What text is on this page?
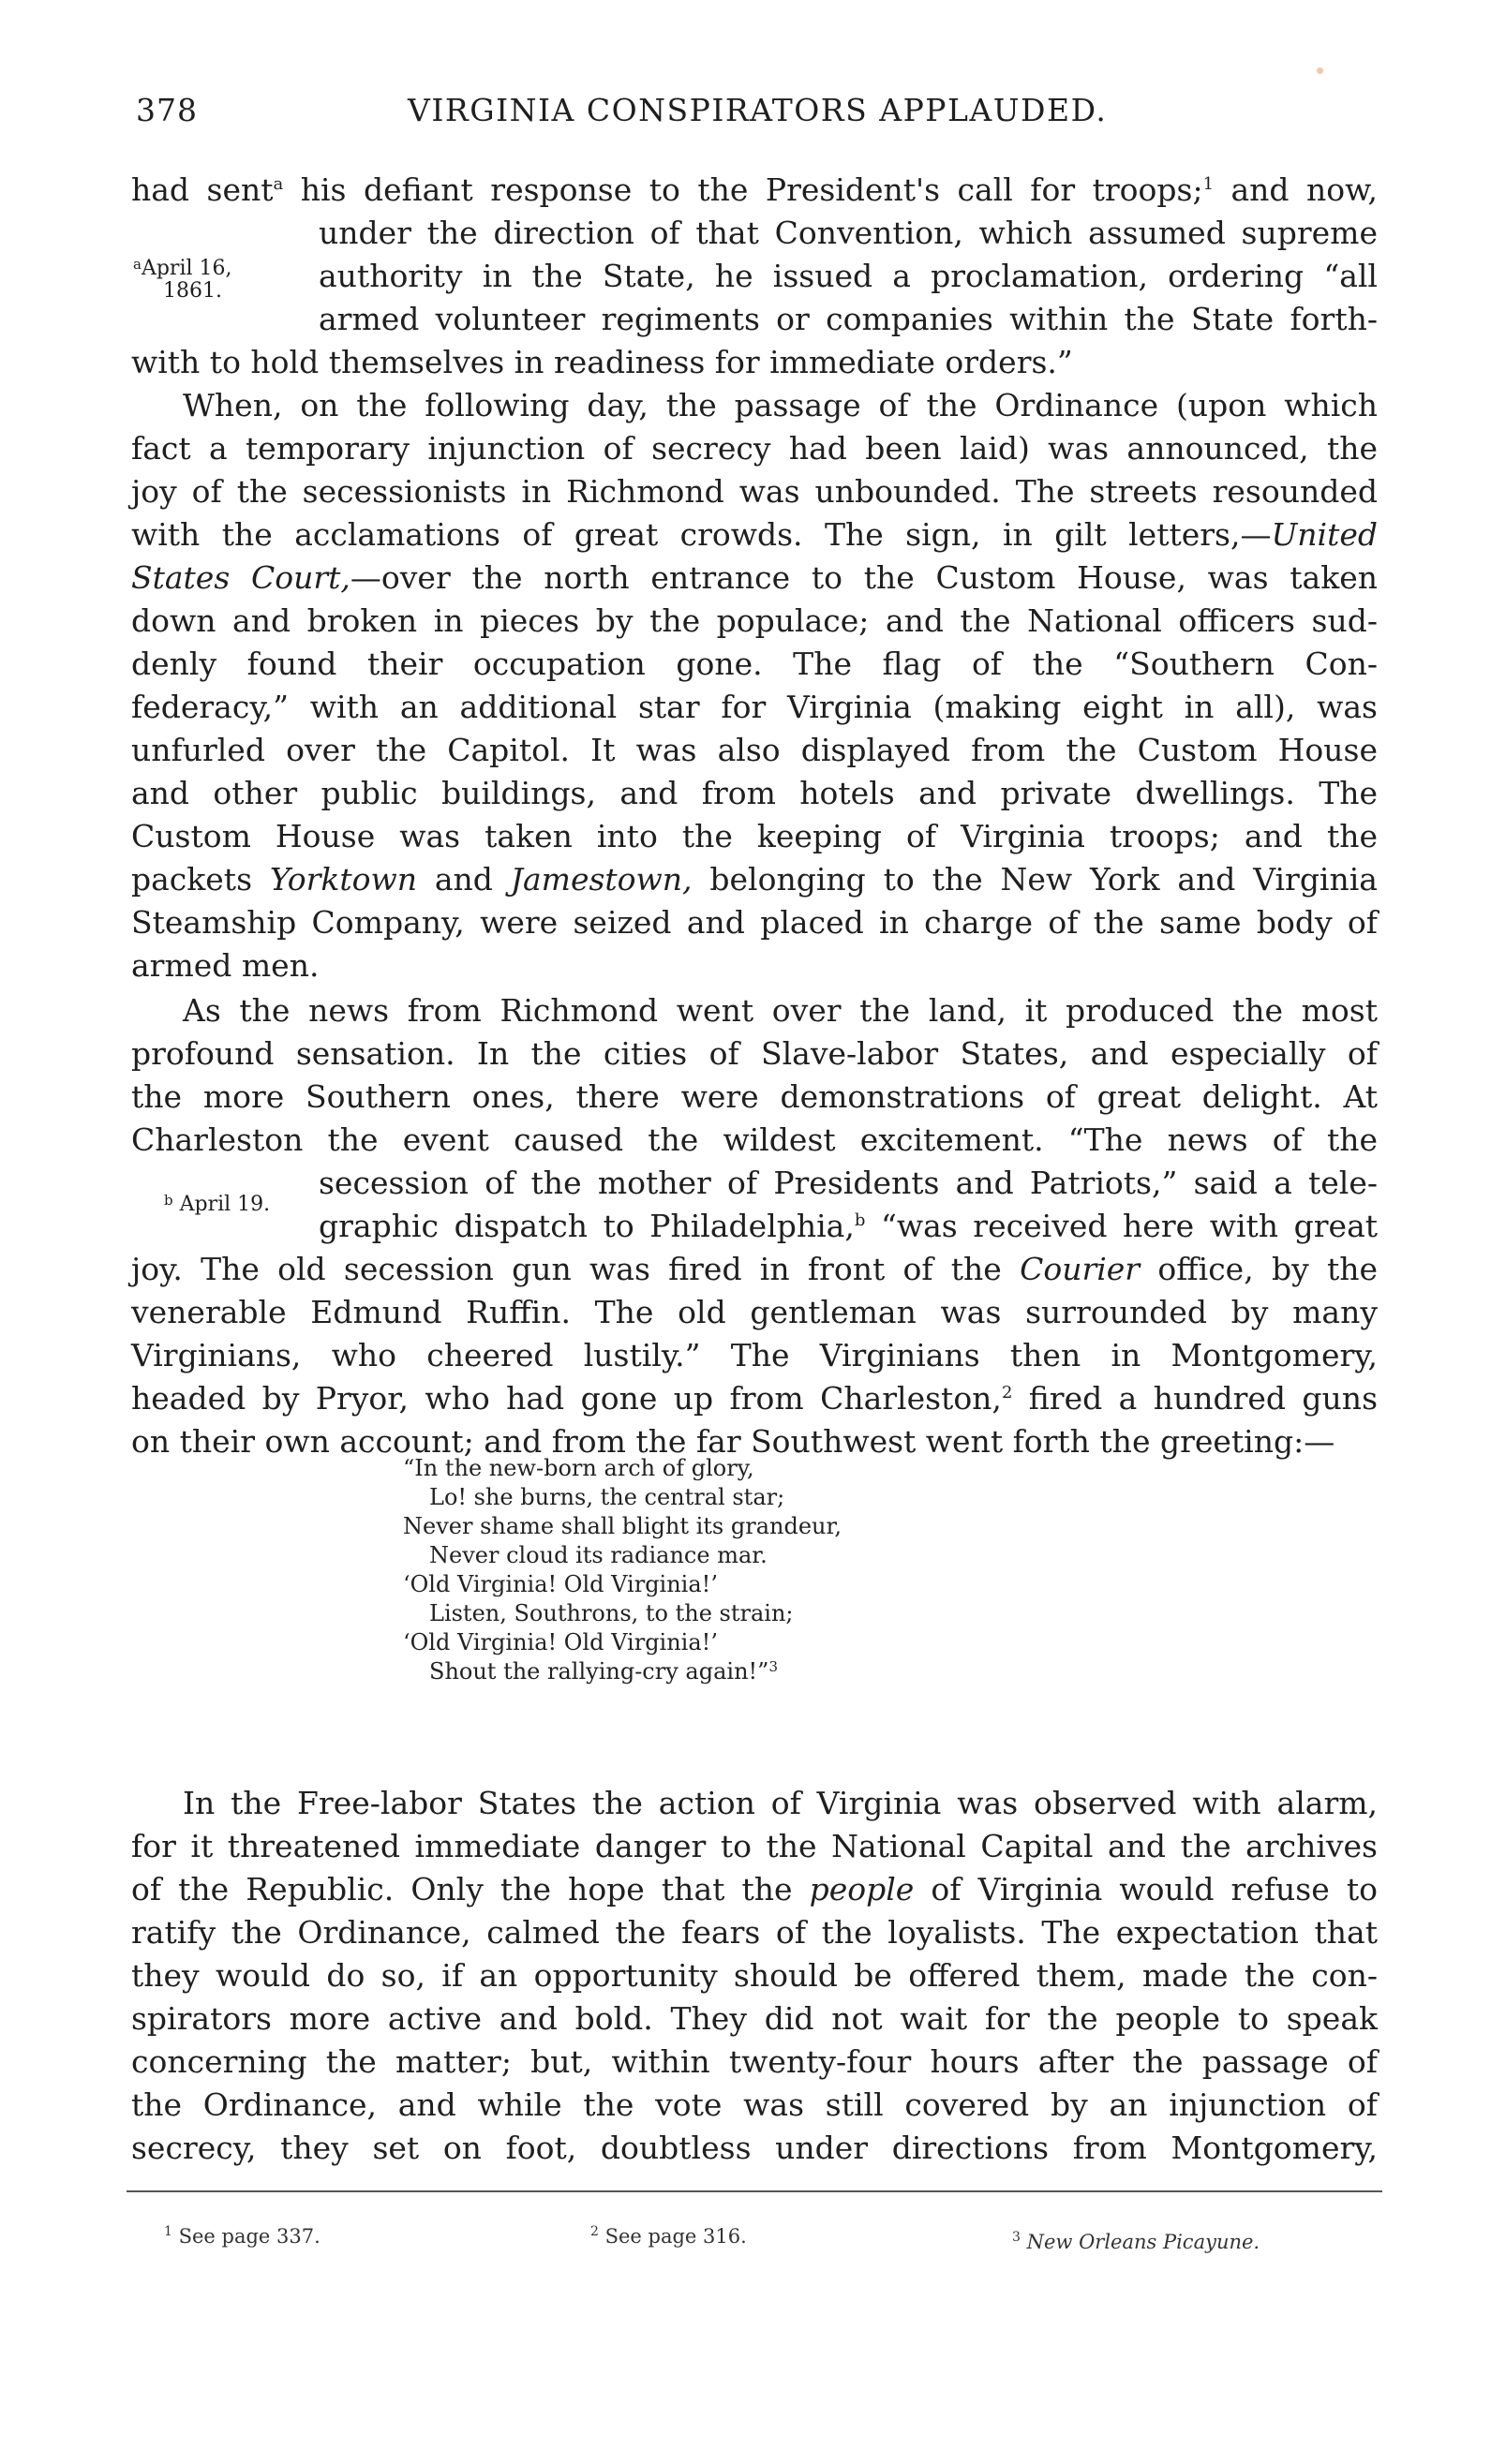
378	VIRGINIA CONSPIRATORS APPLAUDED.
had sent$^a$ his defiant response to the President's call for troops;$^1$ and now,
under the direction of that Convention, which assumed supreme
authority in the State, he issued a proclamation, ordering “all
armed volunteer regiments or companies within the State forth-
with to hold themselves in readiness for immediate orders.”
$^a$April 16,
1861.
When, on the following day, the passage of the Ordinance (upon which
fact a temporary injunction of secrecy had been laid) was announced, the
joy of the secessionists in Richmond was unbounded. The streets resounded
with the acclamations of great crowds. The sign, in gilt letters,—United
States Court,—over the north entrance to the Custom House, was taken
down and broken in pieces by the populace; and the National officers sud-
denly found their occupation gone. The flag of the “Southern Con-
federacy,” with an additional star for Virginia (making eight in all), was
unfurled over the Capitol. It was also displayed from the Custom House
and other public buildings, and from hotels and private dwellings. The
Custom House was taken into the keeping of Virginia troops; and the
packets Yorktown and Jamestown, belonging to the New York and Virginia
Steamship Company, were seized and placed in charge of the same body of
armed men.
As the news from Richmond went over the land, it produced the most
profound sensation. In the cities of Slave-labor States, and especially of
the more Southern ones, there were demonstrations of great delight. At
Charleston the event caused the wildest excitement. “The news of the
secession of the mother of Presidents and Patriots,” said a tele-
graphic dispatch to Philadelphia,$^b$ “was received here with great
joy. The old secession gun was fired in front of the Courier office, by the
venerable Edmund Ruffin. The old gentleman was surrounded by many
Virginians, who cheered lustily.” The Virginians then in Montgomery,
headed by Pryor, who had gone up from Charleston,$^2$ fired a hundred guns
on their own account; and from the far Southwest went forth the greeting:—
$^b$ April 19.
“In the new-born arch of glory,
Lo! she burns, the central star;
Never shame shall blight its grandeur,
Never cloud its radiance mar.
‘Old Virginia! Old Virginia!’
Listen, Southrons, to the strain;
‘Old Virginia! Old Virginia!’
Shout the rallying-cry again!”$^3$
In the Free-labor States the action of Virginia was observed with alarm,
for it threatened immediate danger to the National Capital and the archives
of the Republic. Only the hope that the people of Virginia would refuse to
ratify the Ordinance, calmed the fears of the loyalists. The expectation that
they would do so, if an opportunity should be offered them, made the con-
spirators more active and bold. They did not wait for the people to speak
concerning the matter; but, within twenty-four hours after the passage of
the Ordinance, and while the vote was still covered by an injunction of
secrecy, they set on foot, doubtless under directions from Montgomery,
$^1$ See page 337.	$^2$ See page 316.	$^3$ New Orleans Picayune.
